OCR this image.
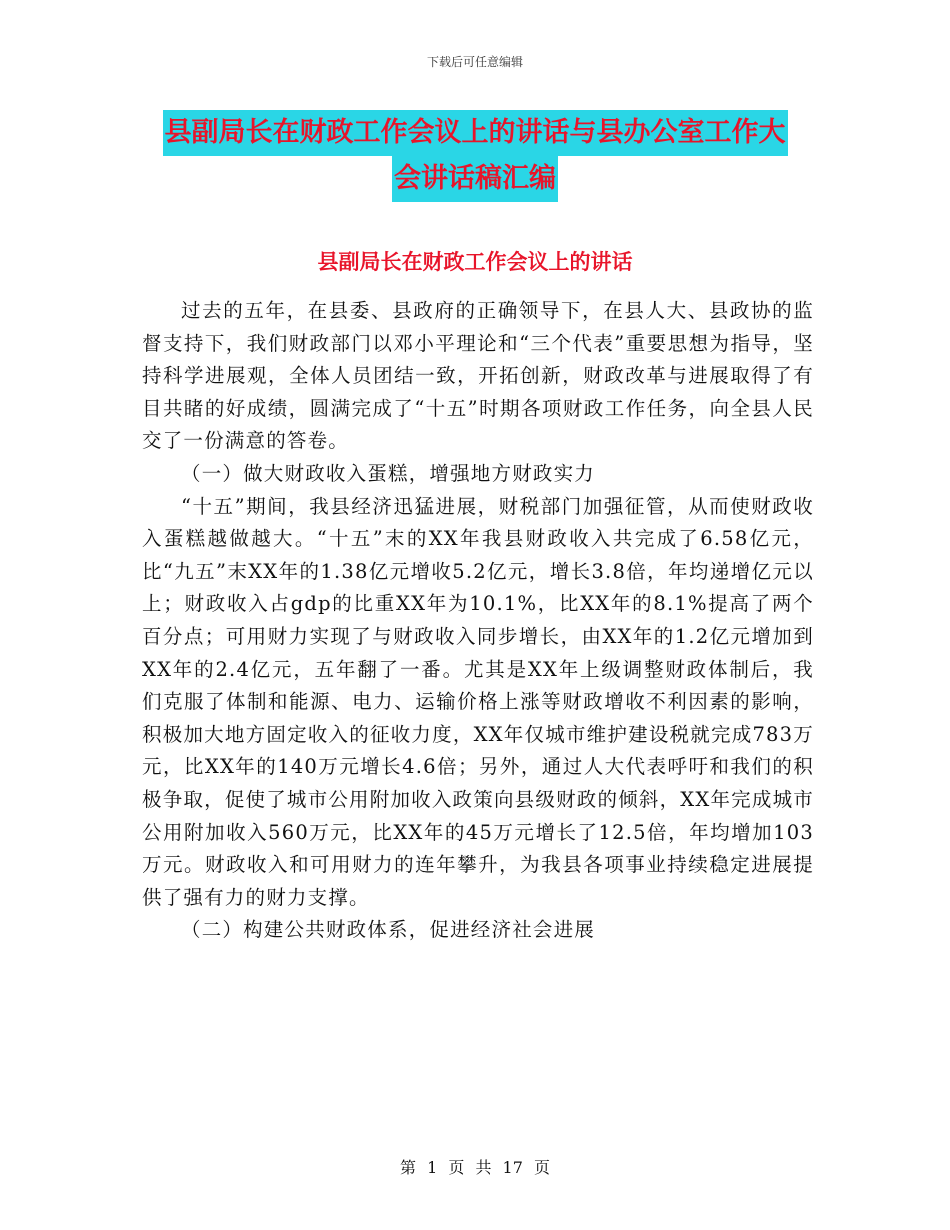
下载后可任意编辑
县副局长在财政工作会议上的讲话与县办公室工作大
会讲话稿汇编
县副局长在财政工作会议上的讲话

过去的五年，在县委、县政府的正确领导下，在县人大、县政协的监督支持下，我们财政部门以邓小平理论和“三个代表”重要思想为指导，坚持科学进展观，全体人员团结一致，开拓创新，财政改革与进展取得了有目共睹的好成绩，圆满完成了“十五”时期各项财政工作任务，向全县人民交了一份满意的答卷。

（一）做大财政收入蛋糕，增强地方财政实力

“十五”期间，我县经济迅猛进展，财税部门加强征管，从而使财政收入蛋糕越做越大。“十五”末的XX年我县财政收入共完成了6.58亿元，比“九五”末XX年的1.38亿元增收5.2亿元，增长3.8倍，年均递增亿元以上；财政收入占gdp的比重XX年为10.1%，比XX年的8.1%提高了两个百分点；可用财力实现了与财政收入同步增长，由XX年的1.2亿元增加到XX年的2.4亿元，五年翻了一番。尤其是XX年上级调整财政体制后，我们克服了体制和能源、电力、运输价格上涨等财政增收不利因素的影响，积极加大地方固定收入的征收力度，XX年仅城市维护建设税就完成783万元，比XX年的140万元增长4.6倍；另外，通过人大代表呼吁和我们的积极争取，促使了城市公用附加收入政策向县级财政的倾斜，XX年完成城市公用附加收入560万元，比XX年的45万元增长了12.5倍，年均增加103万元。财政收入和可用财力的连年攀升，为我县各项事业持续稳定进展提供了强有力的财力支撑。

（二）构建公共财政体系，促进经济社会进展

第 1 页 共 17 页
